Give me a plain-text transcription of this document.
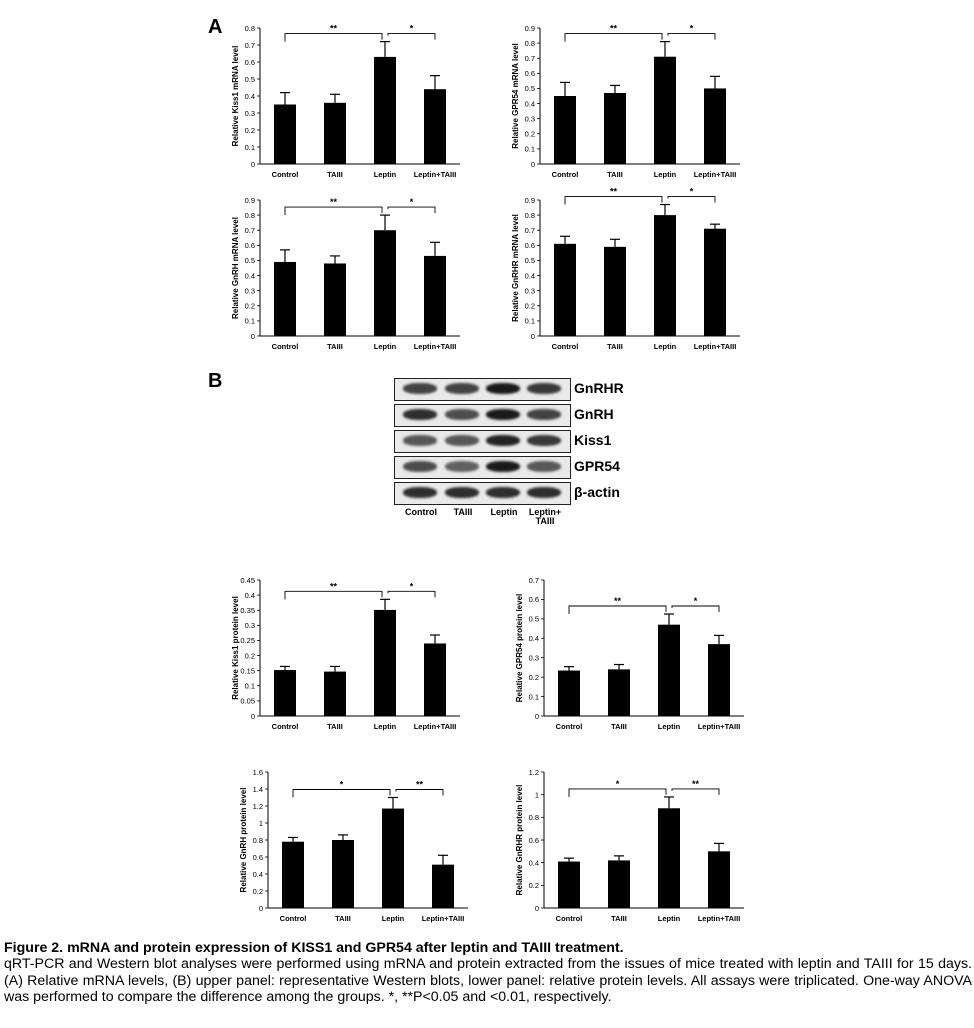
A
B
Relative Kiss1 mRNA level
0
0.1
0.2
0.3
0.4
0.5
0.6
0.7
0.8
Control	TAIII	Leptin Leptin+TAIII
**	*
Relative GPR54 mRNA level
0
0.1
0.2
0.3
0.4
0.5
0.6
0.7
0.8
0.9
Control	TAIII	Leptin Leptin+TAIII
**	*
Relative GnRH mRNA level
0
0.1
0.2
0.3
0.4
0.5
0.6
0.7
0.8
0.9
Control	TAIII	Leptin Leptin+TAIII
**	*
Relative GnRHR mRNA level
0
0.1
0.2
0.3
0.4
0.5
0.6
0.7
0.8
0.9
Control	TAIII	Leptin Leptin+TAIII
**	*
Relative Kiss1 protein level
0
0.05
0.1
0.15
0.2
0.25
0.3
0.35
0.4
0.45
Control	TAIII	Leptin Leptin+TAIII
**	*
Relative GPR54 protein level
0
0.1
0.2
0.3
0.4
0.5
0.6
0.7
Control	TAIII	Leptin Leptin+TAIII
**	*
Relative GnRH protein level
0
0.2
0.4
0.6
0.8
1
1.2
1.4
1.6
Control	TAIII	Leptin Leptin+TAIII
*	**
Relative GnRHR protein level
0
0.2
0.4
0.6
0.8
1
1.2
Control	TAIII	Leptin Leptin+TAIII
*	**
GnRHR
GnRH
Kiss1
GPR54
β-actin
Control	TAIII	Leptin	Leptin+
TAIII
Figure 2. mRNA and protein expression of KISS1 and GPR54 after leptin and TAIII treatment.

qRT-PCR and Western blot analyses were performed using mRNA and protein extracted from the issues of mice treated with leptin and TAIII for 15 days. (A) Relative mRNA levels, (B) upper panel: representative Western blots, lower panel: relative protein levels. All assays were triplicated. One-way ANOVA was performed to compare the difference among the groups. *, **P<0.05 and <0.01, respectively.
